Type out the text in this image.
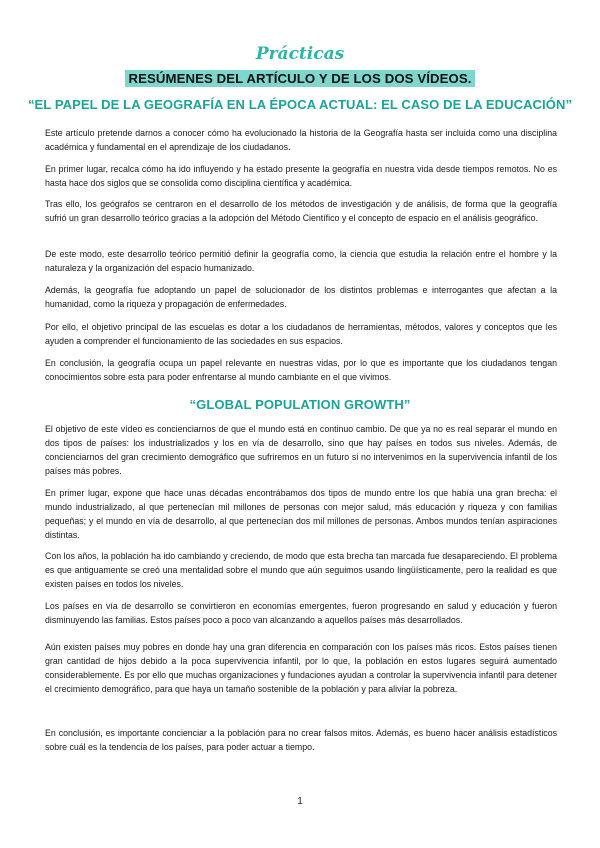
Prácticas
RESÚMENES DEL ARTÍCULO Y DE LOS DOS VÍDEOS.
“EL PAPEL DE LA GEOGRAFÍA EN LA ÉPOCA ACTUAL: EL CASO DE LA EDUCACIÓN”

Este artículo pretende darnos a conocer cómo ha evolucionado la historia de la Geografía hasta ser incluida como una disciplina académica y fundamental en el aprendizaje de los ciudadanos.

En primer lugar, recalca cómo ha ido influyendo y ha estado presente la geografía en nuestra vida desde tiempos remotos. No es hasta hace dos siglos que se consolida como disciplina científica y académica.

Tras ello, los geógrafos se centraron en el desarrollo de los métodos de investigación y de análisis, de forma que la geografía sufrió un gran desarrollo teórico gracias a la adopción del Método Científico y el concepto de espacio en el análisis geográfico.

De este modo, este desarrollo teórico permitió definir la geografía como, la ciencia que estudia la relación entre el hombre y la naturaleza y la organización del espacio humanizado.

Además, la geografía fue adoptando un papel de solucionador de los distintos problemas e interrogantes que afectan a la humanidad, como la riqueza y propagación de enfermedades.

Por ello, el objetivo principal de las escuelas es dotar a los ciudadanos de herramientas, métodos, valores y conceptos que les ayuden a comprender el funcionamiento de las sociedades en sus espacios.

En conclusión, la geografía ocupa un papel relevante en nuestras vidas, por lo que es importante que los ciudadanos tengan conocimientos sobre esta para poder enfrentarse al mundo cambiante en el que vivimos.

“GLOBAL POPULATION GROWTH”

El objetivo de este vídeo es concienciarnos de que el mundo está en continuo cambio. De que ya no es real separar el mundo en dos tipos de países: los industrializados y los en vía de desarrollo, sino que hay países en todos sus niveles. Además, de concienciarnos del gran crecimiento demográfico que sufriremos en un futuro si no intervenimos en la supervivencia infantil de los países más pobres.

En primer lugar, expone que hace unas décadas encontrábamos dos tipos de mundo entre los que había una gran brecha: el mundo industrializado, al que pertenecían mil millones de personas con mejor salud, más educación y riqueza y con familias pequeñas; y el mundo en vía de desarrollo, al que pertenecían dos mil millones de personas. Ambos mundos tenían aspiraciones distintas.

Con los años, la población ha ido cambiando y creciendo, de modo que esta brecha tan marcada fue desapareciendo. El problema es que antiguamente se creó una mentalidad sobre el mundo que aún seguimos usando lingüísticamente, pero la realidad es que existen países en todos los niveles.

Los países en vía de desarrollo se convirtieron en economías emergentes, fueron progresando en salud y educación y fueron disminuyendo las familias. Estos países poco a poco van alcanzando a aquellos países más desarrollados.

Aún existen países muy pobres en donde hay una gran diferencia en comparación con los países más ricos. Estos países tienen gran cantidad de hijos debido a la poca supervivencia infantil, por lo que, la población en estos lugares seguirá aumentado considerablemente. Es por ello que muchas organizaciones y fundaciones ayudan a controlar la supervivencia infantil para detener el crecimiento demográfico, para que haya un tamaño sostenible de la población y para aliviar la pobreza.

En conclusión, es importante concienciar a la población para no crear falsos mitos. Además, es bueno hacer análisis estadísticos sobre cuál es la tendencia de los países, para poder actuar a tiempo.

1
